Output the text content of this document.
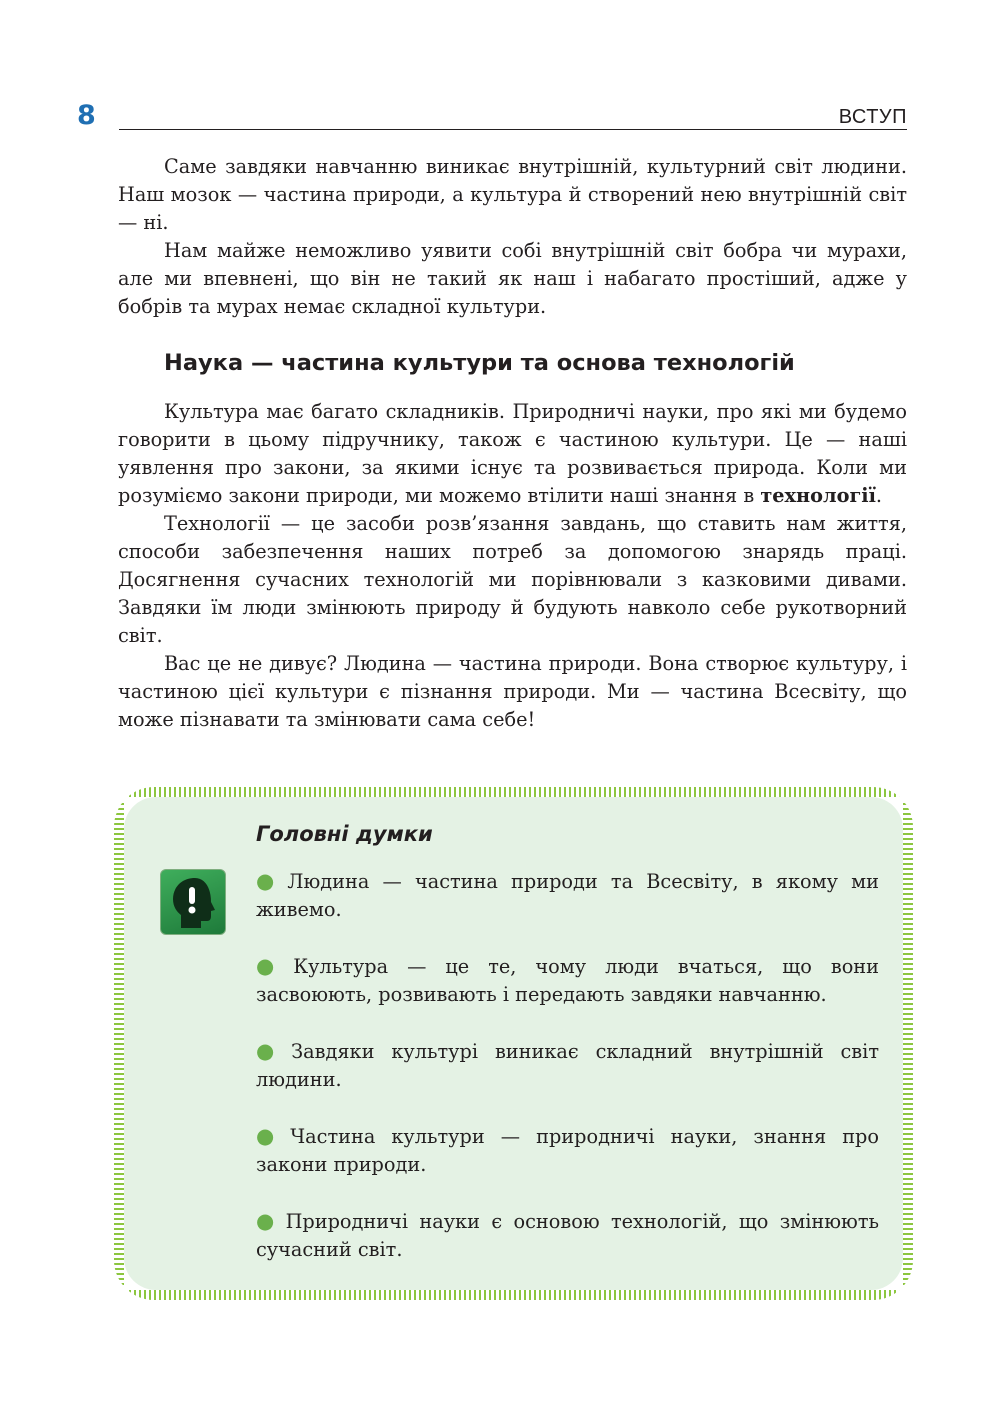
8	ВСТУП

Саме завдяки навчанню виникає внутрішній, культурний світ людини. Наш мозок — частина природи, а культура й створений нею внутрішній світ — ні.

Нам майже неможливо уявити собі внутрішній світ бобра чи мурахи, але ми впевнені, що він не такий як наш і набагато простіший, адже у бобрів та мурах немає складної культури.

Наука — частина культури та основа технологій

Культура має багато складників. Природничі науки, про які ми будемо говорити в цьому підручнику, також є частиною культури. Це — наші уявлення про закони, за якими існує та розвивається природа. Коли ми розуміємо закони природи, ми можемо втілити наші знання в технології.

Технології — це засоби розв’язання завдань, що ставить нам життя, способи забезпечення наших потреб за допомогою знарядь праці. Досягнення сучасних технологій ми порівнювали з казковими дивами. Завдяки їм люди змінюють природу й будують навколо себе рукотворний світ.

Вас це не дивує? Людина — частина природи. Вона створює культуру, і частиною цієї культури є пізнання природи. Ми — частина Всесвіту, що може пізнавати та змінювати сама себе!

Головні думки

● Людина — частина природи та Всесвіту, в якому ми живемо.

● Культура — це те, чому люди вчаться, що вони засвоюють, розвивають і передають завдяки навчанню.

● Завдяки культурі виникає складний внутрішній світ людини.

● Частина культури — природничі науки, знання про закони природи.

● Природничі науки є основою технологій, що змінюють сучасний світ.
